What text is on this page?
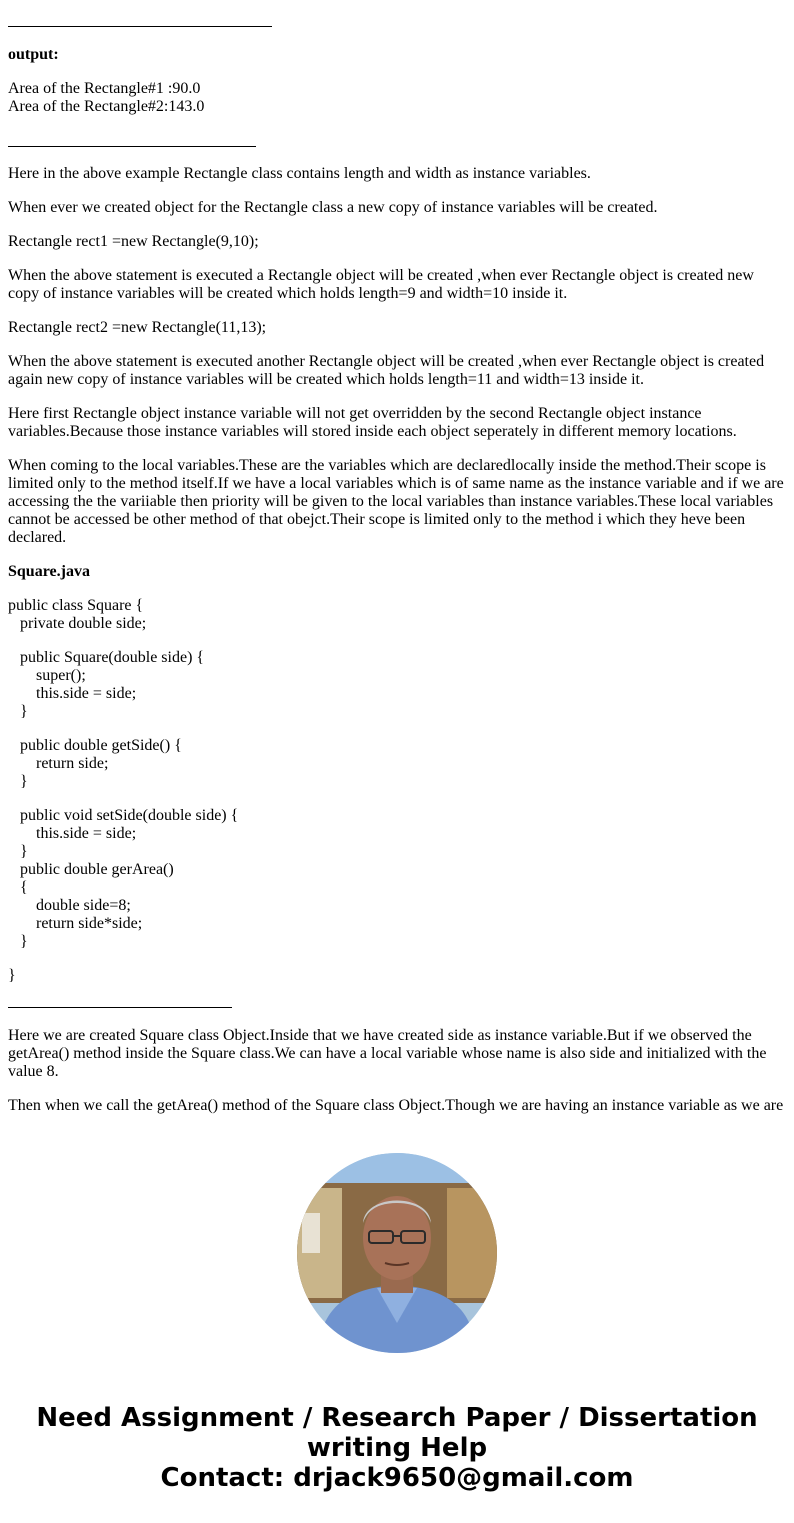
output:

Area of the Rectangle#1 :90.0
Area of the Rectangle#2:143.0

Here in the above example Rectangle class contains length and width as instance variables.

When ever we created object for the Rectangle class a new copy of instance variables will be created.

Rectangle rect1 =new Rectangle(9,10);

When the above statement is executed a Rectangle object will be created ,when ever Rectangle object is created new copy of instance variables will be created which holds length=9 and width=10 inside it.

Rectangle rect2 =new Rectangle(11,13);

When the above statement is executed another Rectangle object will be created ,when ever Rectangle object is created again new copy of instance variables will be created which holds length=11 and width=13 inside it.

Here first Rectangle object instance variable will not get overridden by the second Rectangle object instance variables.Because those instance variables will stored inside each object seperately in different memory locations.

When coming to the local variables.These are the variables which are declaredlocally inside the method.Their scope is limited only to the method itself.If we have a local variables which is of same name as the instance variable and if we are accessing the the variiable then priority will be given to the local variables than instance variables.These local variables cannot be accessed be other method of that obejct.Their scope is limited only to the method i which they heve been declared.

Square.java

public class Square {
private double side;
public Square(double side) {
super();
this.side = side;
}
public double getSide() {
return side;
}
public void setSide(double side) {
this.side = side;
}
public double gerArea()
{
double side=8;
return side*side;
}
}

Here we are created Square class Object.Inside that we have created side as instance variable.But if we observed the getArea() method inside the Square class.We can have a local variable whose name is also side and initialized with the value 8.

Then when we call the getArea() method of the Square class Object.Though we are having an instance variable as we are

Need Assignment / Research Paper / Dissertation
writing Help
Contact: drjack9650@gmail.com
